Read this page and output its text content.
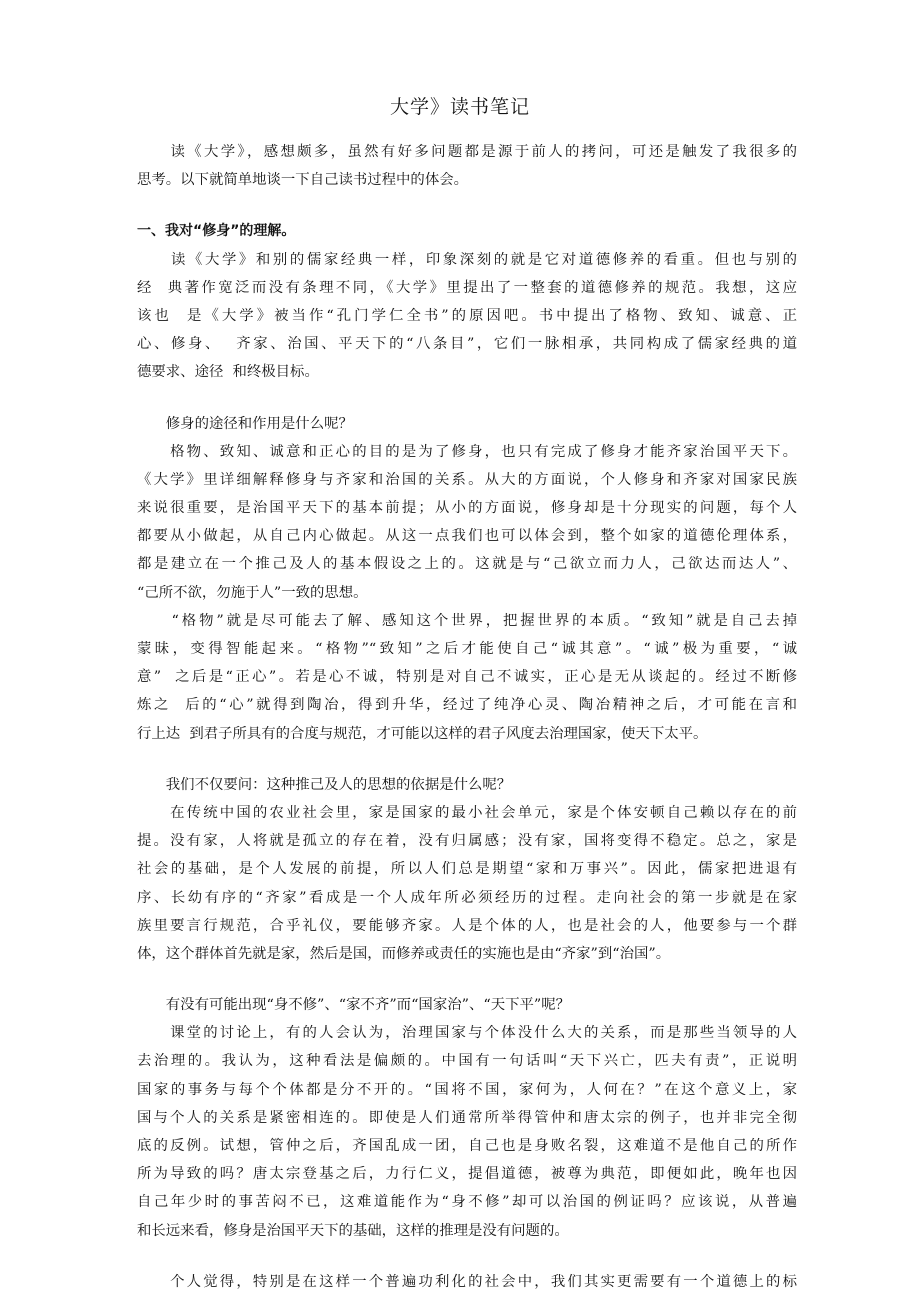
大学》读书笔记
　　读《大学》，感想颇多，虽然有好多问题都是源于前人的拷问，可还是触发了我很多的
思考。以下就简单地谈一下自己读书过程中的体会。
一、我对“修身”的理解。
　　读《大学》和别的儒家经典一样，印象深刻的就是它对道德修养的看重。但也与别的
经  典著作宽泛而没有条理不同，《大学》里提出了一整套的道德修养的规范。我想，这应
该也  是《大学》被当作“孔门学仁全书”的原因吧。书中提出了格物、致知、诚意、正
心、修身、  齐家、治国、平天下的“八条目”，它们一脉相承，共同构成了儒家经典的道
德要求、途径  和终极目标。
　　修身的途径和作用是什么呢？
　　格物、致知、诚意和正心的目的是为了修身，也只有完成了修身才能齐家治国平天下。
《大学》里详细解释修身与齐家和治国的关系。从大的方面说，个人修身和齐家对国家民族
来说很重要，是治国平天下的基本前提；从小的方面说，修身却是十分现实的问题，每个人
都要从小做起，从自己内心做起。从这一点我们也可以体会到，整个如家的道德伦理体系，
都是建立在一个推己及人的基本假设之上的。这就是与“己欲立而力人，己欲达而达人”、
“己所不欲，勿施于人”一致的思想。
　　“格物”就是尽可能去了解、感知这个世界，把握世界的本质。“致知”就是自己去掉
蒙昧，变得智能起来。“格物”“致知”之后才能使自己“诚其意”。“诚”极为重要，“诚
意”  之后是“正心”。若是心不诚，特别是对自己不诚实，正心是无从谈起的。经过不断修
炼之  后的“心”就得到陶冶，得到升华，经过了纯净心灵、陶冶精神之后，才可能在言和
行上达  到君子所具有的合度与规范，才可能以这样的君子风度去治理国家，使天下太平。
　　我们不仅要问：这种推己及人的思想的依据是什么呢？
　　在传统中国的农业社会里，家是国家的最小社会单元，家是个体安顿自己赖以存在的前
提。没有家，人将就是孤立的存在着，没有归属感；没有家，国将变得不稳定。总之，家是
社会的基础，是个人发展的前提，所以人们总是期望“家和万事兴”。因此，儒家把进退有
序、长幼有序的“齐家”看成是一个人成年所必须经历的过程。走向社会的第一步就是在家
族里要言行规范，合乎礼仪，要能够齐家。人是个体的人，也是社会的人，他要参与一个群
体，这个群体首先就是家，然后是国，而修养或责任的实施也是由“齐家”到“治国”。
　　有没有可能出现“身不修”、“家不齐”而“国家治”、“天下平”呢？
　　课堂的讨论上，有的人会认为，治理国家与个体没什么大的关系，而是那些当领导的人
去治理的。我认为，这种看法是偏颇的。中国有一句话叫“天下兴亡，匹夫有责”，正说明
国家的事务与每个个体都是分不开的。“国将不国，家何为，人何在？”在这个意义上，家
国与个人的关系是紧密相连的。即使是人们通常所举得管仲和唐太宗的例子，也并非完全彻
底的反例。试想，管仲之后，齐国乱成一团，自己也是身败名裂，这难道不是他自己的所作
所为导致的吗？唐太宗登基之后，力行仁义，提倡道德，被尊为典范，即便如此，晚年也因
自己年少时的事苦闷不已，这难道能作为“身不修”却可以治国的例证吗？应该说，从普遍
和长远来看，修身是治国平天下的基础，这样的推理是没有问题的。
　　个人觉得，特别是在这样一个普遍功利化的社会中，我们其实更需要有一个道德上的标
